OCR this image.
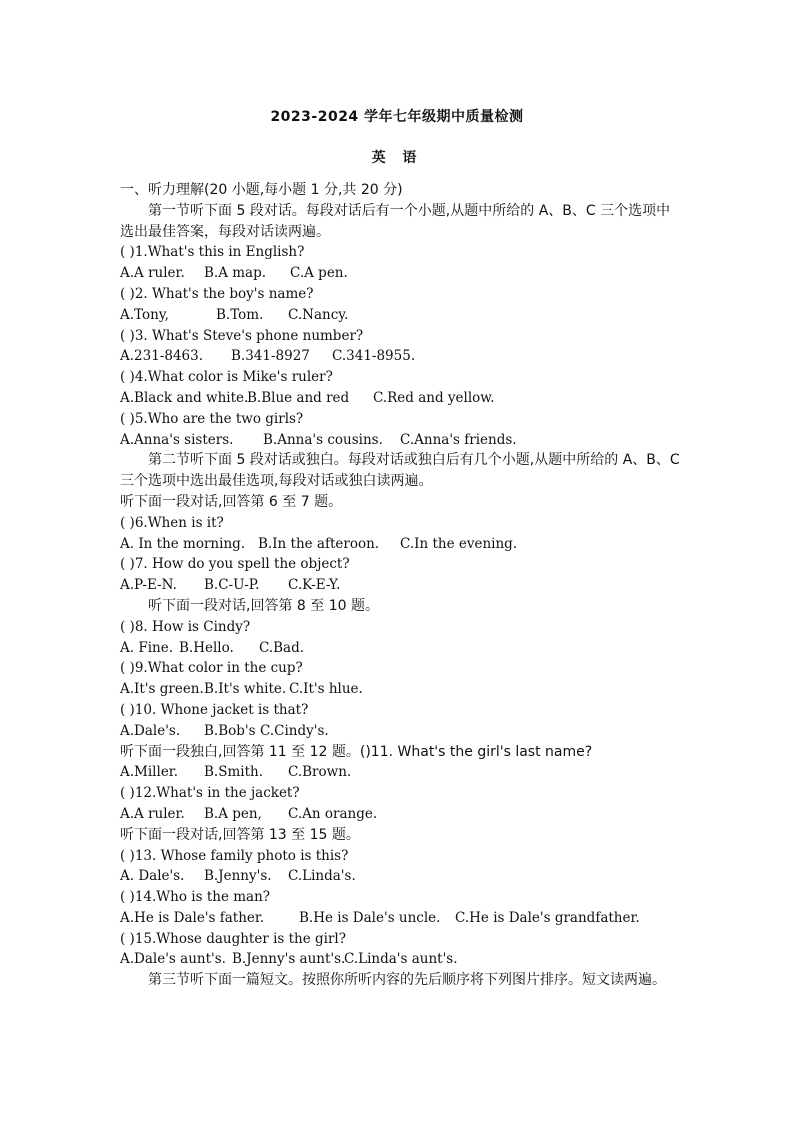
2023-2024 学年七年级期中质量检测
英 语
一、听力理解(20 小题,每小题 1 分,共 20 分)
第一节听下面 5 段对话。每段对话后有一个小题,从题中所给的 A、B、C 三个选项中选出最佳答案，每段对话读两遍。
( )1.What's this in English?
A.A ruler. B.A map. C.A pen.
( )2. What's the boy's name?
A.Tony,	B.Tom. C.Nancy.
( )3. What's Steve's phone number?
A.231-8463. B.341-8927 C.341-8955.
( )4.What color is Mike's ruler?
A.Black and white.B.Blue and red C.Red and yellow.
( )5.Who are the two girls?
A.Anna's sisters. B.Anna's cousins. C.Anna's friends.
第二节听下面 5 段对话或独白。每段对话或独白后有几个小题,从题中所给的 A、B、C 三个选项中选出最佳选项,每段对话或独白读两遍。
听下面一段对话,回答第 6 至 7 题。
( )6.When is it?
A. In the morning. B.In the afteroon. C.In the evening.
( )7. How do you spell the object?
A.P-E-N. B.C-U-P. C.K-E-Y.
听下面一段对话,回答第 8 至 10 题。
( )8. How is Cindy?
A. Fine. B.Hello. C.Bad.
( )9.What color in the cup?
A.It's green.B.It's white. C.It's hlue.
( )10. Whone jacket is that?
A.Dale's. B.Bob's C.Cindy's.
听下面一段独白,回答第 11 至 12 题。()11. What's the girl's last name?
A.Miller. B.Smith. C.Brown.
( )12.What's in the jacket?
A.A ruler. B.A pen, C.An orange.
听下面一段对话,回答第 13 至 15 题。
( )13. Whose family photo is this?
A. Dale's. B.Jenny's. C.Linda's.
( )14.Who is the man?
A.He is Dale's father.	B.He is Dale's uncle. C.He is Dale's grandfather.
( )15.Whose daughter is the girl?
A.Dale's aunt's. B.Jenny's aunt's.C.Linda's aunt's.
第三节听下面一篇短文。按照你所听内容的先后顺序将下列图片排序。短文读两遍。
